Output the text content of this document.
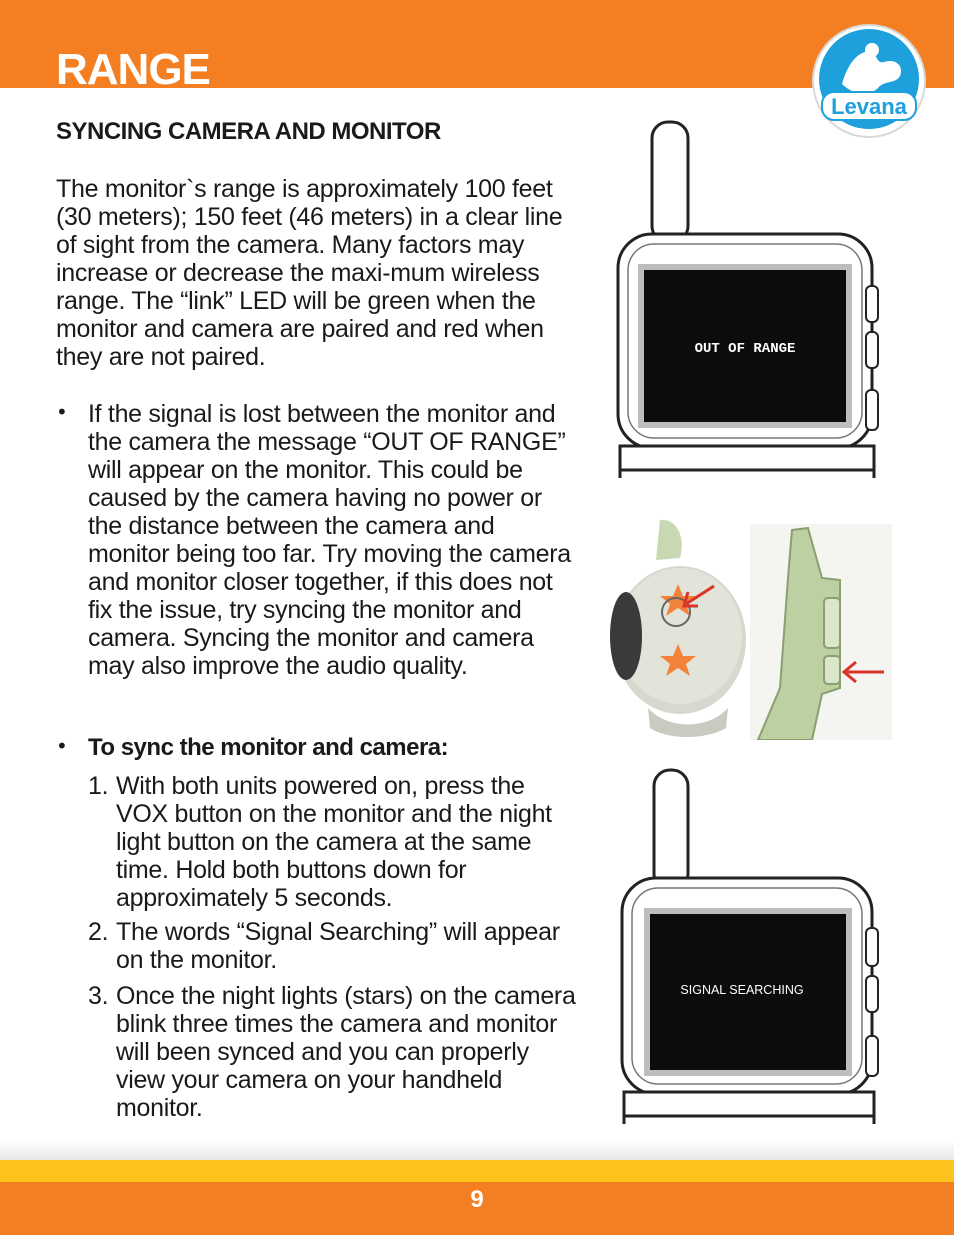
RANGE
Levana
SYNCING CAMERA AND MONITOR
The monitor`s range is approximately 100 feet (30 meters); 150 feet (46 meters) in a clear line of sight from the camera. Many factors may increase or decrease the maxi-mum wireless range. The “link” LED will be green when the monitor and camera are paired and red when they are not paired.
• If the signal is lost between the monitor and the camera the message “OUT OF RANGE” will appear on the monitor. This could be caused by the camera having no power or the distance between the camera and monitor being too far. Try moving the camera and monitor closer together, if this does not fix the issue, try syncing the monitor and camera. Syncing the monitor and camera may also improve the audio quality.
• To sync the monitor and camera:
1. With both units powered on, press the VOX button on the monitor and the night light button on the camera at the same time. Hold both buttons down for approximately 5 seconds.
2. The words “Signal Searching” will appear on the monitor.
3. Once the night lights (stars) on the camera blink three times the camera and monitor will been synced and you can properly view your camera on your handheld monitor.
OUT OF RANGE
SIGNAL SEARCHING
9
